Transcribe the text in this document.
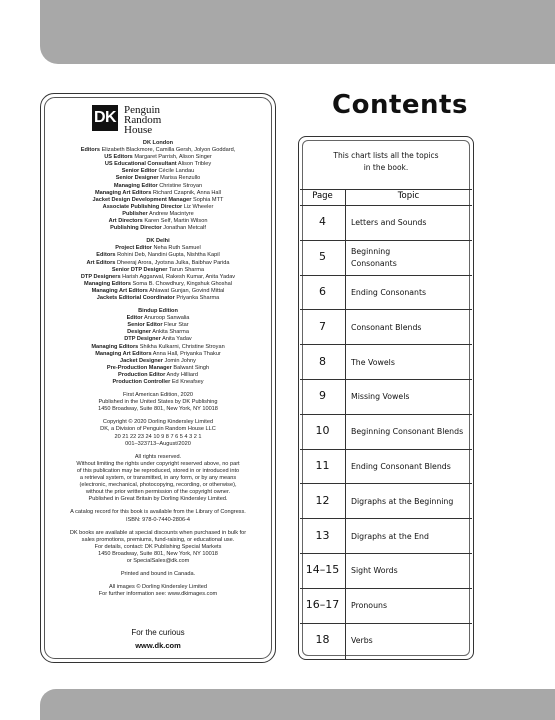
DK Penguin
Random
House
DK London
Editors Elizabeth Blackmore, Camilla Gersh, Jolyon Goddard,
US Editors Margaret Parrish, Alison Singer
US Educational Consultant Alison Tribley
Senior Editor Cécile Landau
Senior Designer Marisa Renzullo
Managing Editor Christine Stroyan
Managing Art Editors Richard Czapnik, Anna Hall
Jacket Design Development Manager Sophia MTT
Associate Publishing Director Liz Wheeler
Publisher Andrew Macintyre
Art Directors Karen Self, Martin Wilson
Publishing Director Jonathan Metcalf
DK Delhi
Project Editor Neha Ruth Samuel
Editors Rohini Deb, Nandini Gupta, Nishtha Kapil
Art Editors Dheeraj Arora, Jyotsna Julka, Baibhav Parida
Senior DTP Designer Tarun Sharma
DTP Designers Harish Aggarwal, Rakesh Kumar, Anita Yadav
Managing Editors Soma B. Chowdhury, Kingshuk Ghoshal
Managing Art Editors Ahlawat Gunjan, Govind Mittal
Jackets Editorial Coordinator Priyanka Sharma
Bindup Edition
Editor Anuroop Sanwalia
Senior Editor Fleur Star
Designer Ankita Sharma
DTP Designer Anita Yadav
Managing Editors Shikha Kulkarni, Christine Stroyan
Managing Art Editors Anna Hall, Priyanka Thakur
Jacket Designer Jomin Johny
Pre-Production Manager Balwant Singh
Production Editor Andy Hilliard
Production Controller Ed Kneafsey
First American Edition, 2020
Published in the United States by DK Publishing
1450 Broadway, Suite 801, New York, NY 10018
Copyright © 2020 Dorling Kindersley Limited
DK, a Division of Penguin Random House LLC
20 21 22 23 24 10 9 8 7 6 5 4 3 2 1
001–323713–August/2020
All rights reserved.
Without limiting the rights under copyright reserved above, no part
of this publication may be reproduced, stored in or introduced into
a retrieval system, or transmitted, in any form, or by any means
(electronic, mechanical, photocopying, recording, or otherwise),
without the prior written permission of the copyright owner.
Published in Great Britain by Dorling Kindersley Limited.
A catalog record for this book is available from the Library of Congress.
ISBN: 978-0-7440-2806-4
DK books are available at special discounts when purchased in bulk for
sales promotions, premiums, fund-raising, or educational use.
For details, contact: DK Publishing Special Markets
1450 Broadway, Suite 801, New York, NY 10018
or SpecialSales@dk.com
Printed and bound in Canada.
All images © Dorling Kindersley Limited
For further information see: www.dkimages.com
For the curious
www.dk.com
Contents
This chart lists all the topics
in the book.
Page	Topic
4	Letters and Sounds
5	Beginning
Consonants
6	Ending Consonants
7	Consonant Blends
8	The Vowels
9	Missing Vowels
10	Beginning Consonant Blends
11	Ending Consonant Blends
12	Digraphs at the Beginning
13	Digraphs at the End
14–15	Sight Words
16–17	Pronouns
18	Verbs
